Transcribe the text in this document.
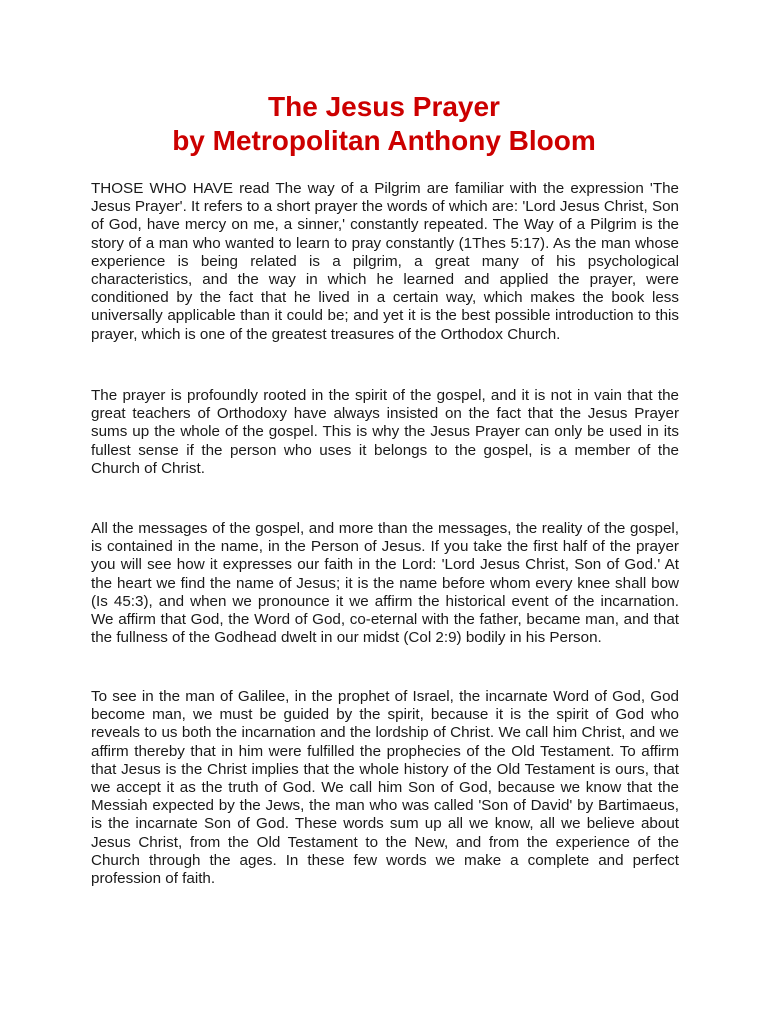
The Jesus Prayer
by Metropolitan Anthony Bloom

THOSE WHO HAVE read The way of a Pilgrim are familiar with the expression 'The Jesus Prayer'. It refers to a short prayer the words of which are: 'Lord Jesus Christ, Son of God, have mercy on me, a sinner,' constantly repeated. The Way of a Pilgrim is the story of a man who wanted to learn to pray constantly (1Thes 5:17). As the man whose experience is being related is a pilgrim, a great many of his psychological characteristics, and the way in which he learned and applied the prayer, were conditioned by the fact that he lived in a certain way, which makes the book less universally applicable than it could be; and yet it is the best possible introduction to this prayer, which is one of the greatest treasures of the Orthodox Church.

The prayer is profoundly rooted in the spirit of the gospel, and it is not in vain that the great teachers of Orthodoxy have always insisted on the fact that the Jesus Prayer sums up the whole of the gospel. This is why the Jesus Prayer can only be used in its fullest sense if the person who uses it belongs to the gospel, is a member of the Church of Christ.

All the messages of the gospel, and more than the messages, the reality of the gospel, is contained in the name, in the Person of Jesus. If you take the first half of the prayer you will see how it expresses our faith in the Lord: 'Lord Jesus Christ, Son of God.' At the heart we find the name of Jesus; it is the name before whom every knee shall bow (Is 45:3), and when we pronounce it we affirm the historical event of the incarnation. We affirm that God, the Word of God, co-eternal with the father, became man, and that the fullness of the Godhead dwelt in our midst (Col 2:9) bodily in his Person.

To see in the man of Galilee, in the prophet of Israel, the incarnate Word of God, God become man, we must be guided by the spirit, because it is the spirit of God who reveals to us both the incarnation and the lordship of Christ. We call him Christ, and we affirm thereby that in him were fulfilled the prophecies of the Old Testament. To affirm that Jesus is the Christ implies that the whole history of the Old Testament is ours, that we accept it as the truth of God. We call him Son of God, because we know that the Messiah expected by the Jews, the man who was called 'Son of David' by Bartimaeus, is the incarnate Son of God. These words sum up all we know, all we believe about Jesus Christ, from the Old Testament to the New, and from the experience of the Church through the ages. In these few words we make a complete and perfect profession of faith.
